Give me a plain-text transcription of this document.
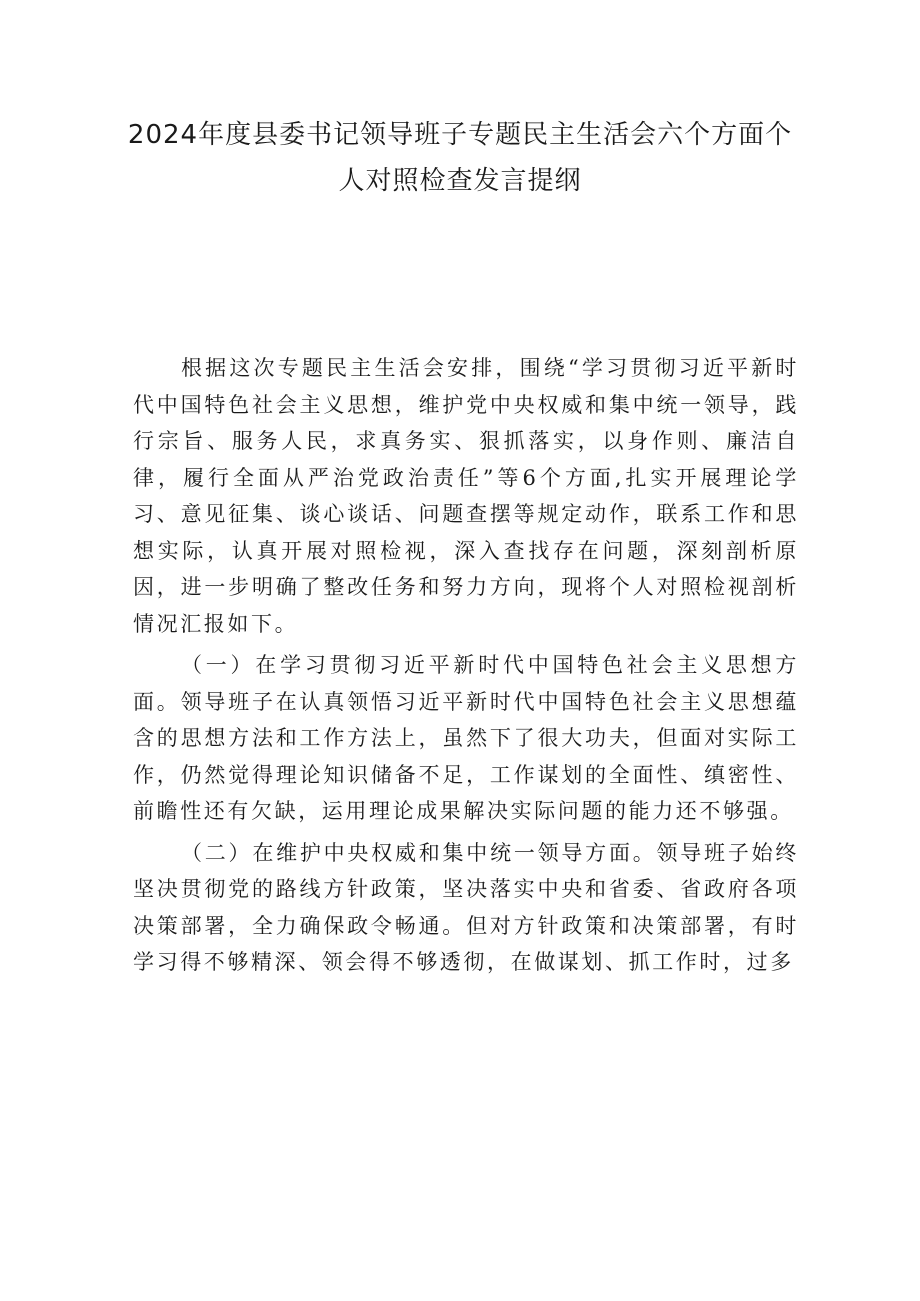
2024年度县委书记领导班子专题民主生活会六个方面个人对照检查发言提纲

根据这次专题民主生活会安排，围绕“学习贯彻习近平新时代中国特色社会主义思想，维护党中央权威和集中统一领导，践行宗旨、服务人民，求真务实、狠抓落实，以身作则、廉洁自律，履行全面从严治党政治责任”等6个方面,扎实开展理论学习、意见征集、谈心谈话、问题查摆等规定动作，联系工作和思想实际，认真开展对照检视，深入查找存在问题，深刻剖析原因，进一步明确了整改任务和努力方向，现将个人对照检视剖析情况汇报如下。

（一）在学习贯彻习近平新时代中国特色社会主义思想方面。领导班子在认真领悟习近平新时代中国特色社会主义思想蕴含的思想方法和工作方法上，虽然下了很大功夫，但面对实际工作，仍然觉得理论知识储备不足，工作谋划的全面性、缜密性、前瞻性还有欠缺，运用理论成果解决实际问题的能力还不够强。

（二）在维护中央权威和集中统一领导方面。领导班子始终坚决贯彻党的路线方针政策，坚决落实中央和省委、省政府各项决策部署，全力确保政令畅通。但对方针政策和决策部署，有时学习得不够精深、领会得不够透彻，在做谋划、抓工作时，过多
